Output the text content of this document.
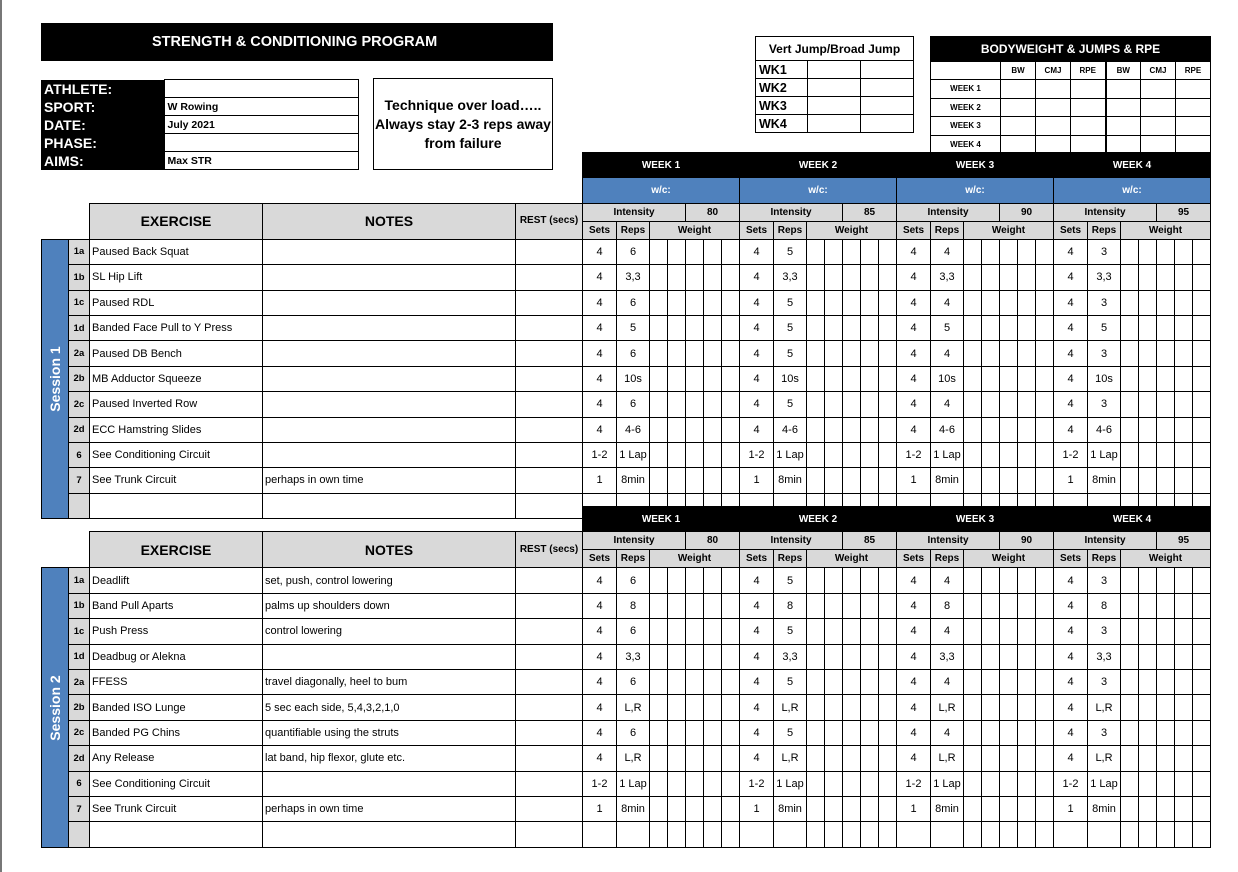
STRENGTH & CONDITIONING PROGRAM
ATHLETE:	
SPORT:	W Rowing
DATE:	July 2021
PHASE:	
AIMS:	Max STR
Technique over load….. Always stay 2-3 reps away from failure
Vert Jump/Broad Jump		
WK1		
WK2		
WK3		
WK4		
BODYWEIGHT & JUMPS & RPE						
	BW	CMJ	RPE	BW	CMJ	RPE
WEEK 1						
WEEK 2						
WEEK 3						
WEEK 4						
					WEEK 1							WEEK 2							WEEK 3							WEEK 4						
					w/c:							w/c:							w/c:							w/c:						
		EXERCISE	NOTES	REST (secs)	Intensity				80			Intensity				85			Intensity				90			Intensity				95		
					Sets	Reps	Weight					Sets	Reps	Weight					Sets	Reps	Weight					Sets	Reps	Weight				

Session 1	1a	Paused Back Squat			4	6						4	5						4	4						4	3					
	1b	SL Hip Lift			4	3,3						4	3,3						4	3,3						4	3,3					
	1c	Paused RDL			4	6						4	5						4	4						4	3					
	1d	Banded Face Pull to Y Press			4	5						4	5						4	5						4	5					
	2a	Paused DB Bench			4	6						4	5						4	4						4	3					
	2b	MB Adductor Squeeze			4	10s						4	10s						4	10s						4	10s					
	2c	Paused Inverted Row			4	6						4	5						4	4						4	3					
	2d	ECC Hamstring Slides			4	4-6						4	4-6						4	4-6						4	4-6					
	6	See Conditioning Circuit			1-2	1 Lap						1-2	1 Lap						1-2	1 Lap						1-2	1 Lap					
	7	See Trunk Circuit	perhaps in own time		1	8min						1	8min						1	8min						1	8min					

					WEEK 1							WEEK 2							WEEK 3							WEEK 4						
		EXERCISE	NOTES	REST (secs)	Intensity				80			Intensity				85			Intensity				90			Intensity				95		
					Sets	Reps	Weight					Sets	Reps	Weight					Sets	Reps	Weight					Sets	Reps	Weight				

Session 2	1a	Deadlift	set, push, control lowering		4	6						4	5						4	4						4	3					
	1b	Band Pull Aparts	palms up shoulders down		4	8						4	8						4	8						4	8					
	1c	Push Press	control lowering		4	6						4	5						4	4						4	3					
	1d	Deadbug or Alekna			4	3,3						4	3,3						4	3,3						4	3,3					
	2a	FFESS	travel diagonally, heel to bum		4	6						4	5						4	4						4	3					
	2b	Banded ISO Lunge	5 sec each side, 5,4,3,2,1,0		4	L,R						4	L,R						4	L,R						4	L,R					
	2c	Banded PG Chins	quantifiable using the struts		4	6						4	5						4	4						4	3					
	2d	Any Release	lat band, hip flexor, glute etc.		4	L,R						4	L,R						4	L,R						4	L,R					
	6	See Conditioning Circuit			1-2	1 Lap						1-2	1 Lap						1-2	1 Lap						1-2	1 Lap					
	7	See Trunk Circuit	perhaps in own time		1	8min						1	8min						1	8min						1	8min					
